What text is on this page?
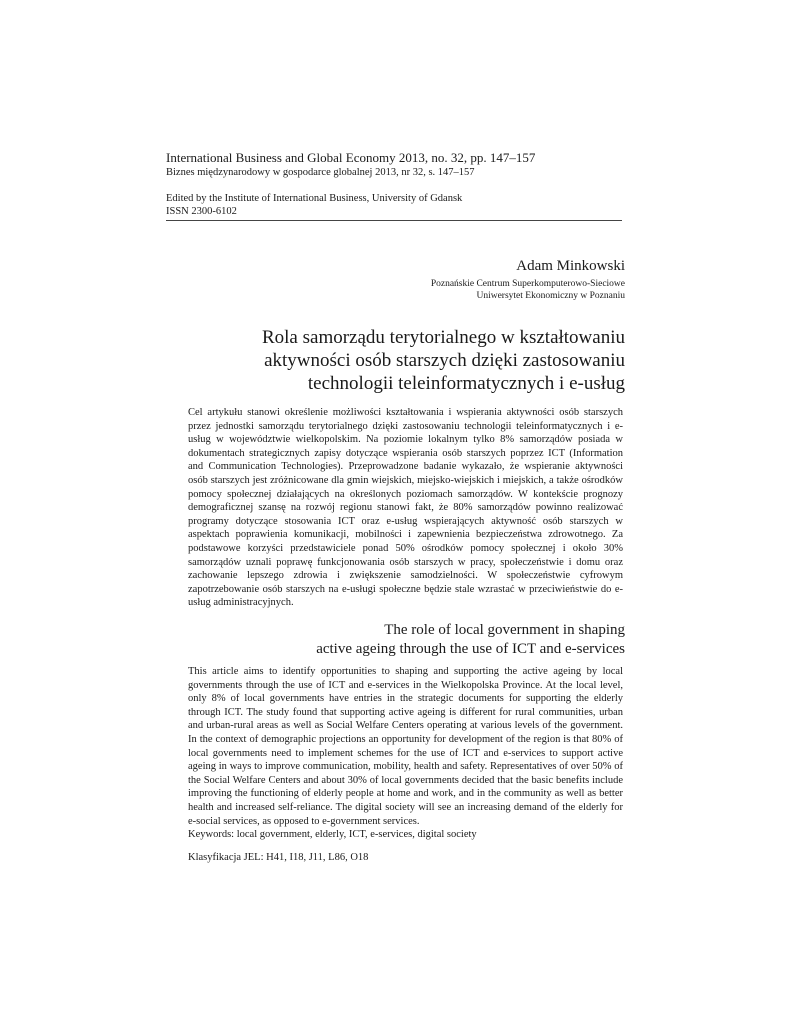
International Business and Global Economy 2013, no. 32, pp. 147–157
Biznes międzynarodowy w gospodarce globalnej 2013, nr 32, s. 147–157
Edited by the Institute of International Business, University of Gdansk
ISSN 2300-6102
Adam Minkowski
Poznańskie Centrum Superkomputerowo-Sieciowe
Uniwersytet Ekonomiczny w Poznaniu
Rola samorządu terytorialnego w kształtowaniu
aktywności osób starszych dzięki zastosowaniu
technologii teleinformatycznych i e-usług
Cel artykułu stanowi określenie możliwości kształtowania i wspierania aktywności osób starszych przez jednostki samorządu terytorialnego dzięki zastosowaniu technologii teleinformatycznych i e-usług w województwie wielkopolskim. Na poziomie lokalnym tylko 8% samorządów posiada w dokumentach strategicznych zapisy dotyczące wspierania osób starszych poprzez ICT (Information and Communication Technologies). Przeprowadzone badanie wykazało, że wspieranie aktywności osób starszych jest zróżnicowane dla gmin wiejskich, miejsko-wiejskich i miejskich, a także ośrodków pomocy społecznej działających na określonych poziomach samorządów. W kontekście prognozy demograficznej szansę na rozwój regionu stanowi fakt, że 80% samorządów powinno realizować programy dotyczące stosowania ICT oraz e-usług wspierających aktywność osób starszych w aspektach poprawienia komunikacji, mobilności i zapewnienia bezpieczeństwa zdrowotnego. Za podstawowe korzyści przedstawiciele ponad 50% ośrodków pomocy społecznej i około 30% samorządów uznali poprawę funkcjonowania osób starszych w pracy, społeczeństwie i domu oraz zachowanie lepszego zdrowia i zwiększenie samodzielności. W społeczeństwie cyfrowym zapotrzebowanie osób starszych na e-usługi społeczne będzie stale wzrastać w przeciwieństwie do e-usług administracyjnych.
The role of local government in shaping
active ageing through the use of ICT and e-services
This article aims to identify opportunities to shaping and supporting the active ageing by local governments through the use of ICT and e-services in the Wielkopolska Province. At the local level, only 8% of local governments have entries in the strategic documents for supporting the elderly through ICT. The study found that supporting active ageing is different for rural communities, urban and urban-rural areas as well as Social Welfare Centers operating at various levels of the government. In the context of demographic projections an opportunity for development of the region is that 80% of local governments need to implement schemes for the use of ICT and e-services to support active ageing in ways to improve communication, mobility, health and safety. Representatives of over 50% of the Social Welfare Centers and about 30% of local governments decided that the basic benefits include improving the functioning of elderly people at home and work, and in the community as well as better health and increased self-reliance. The digital society will see an increasing demand of the elderly for e-social services, as opposed to e-government services.
Keywords: local government, elderly, ICT, e-services, digital society
Klasyfikacja JEL: H41, I18, J11, L86, O18
